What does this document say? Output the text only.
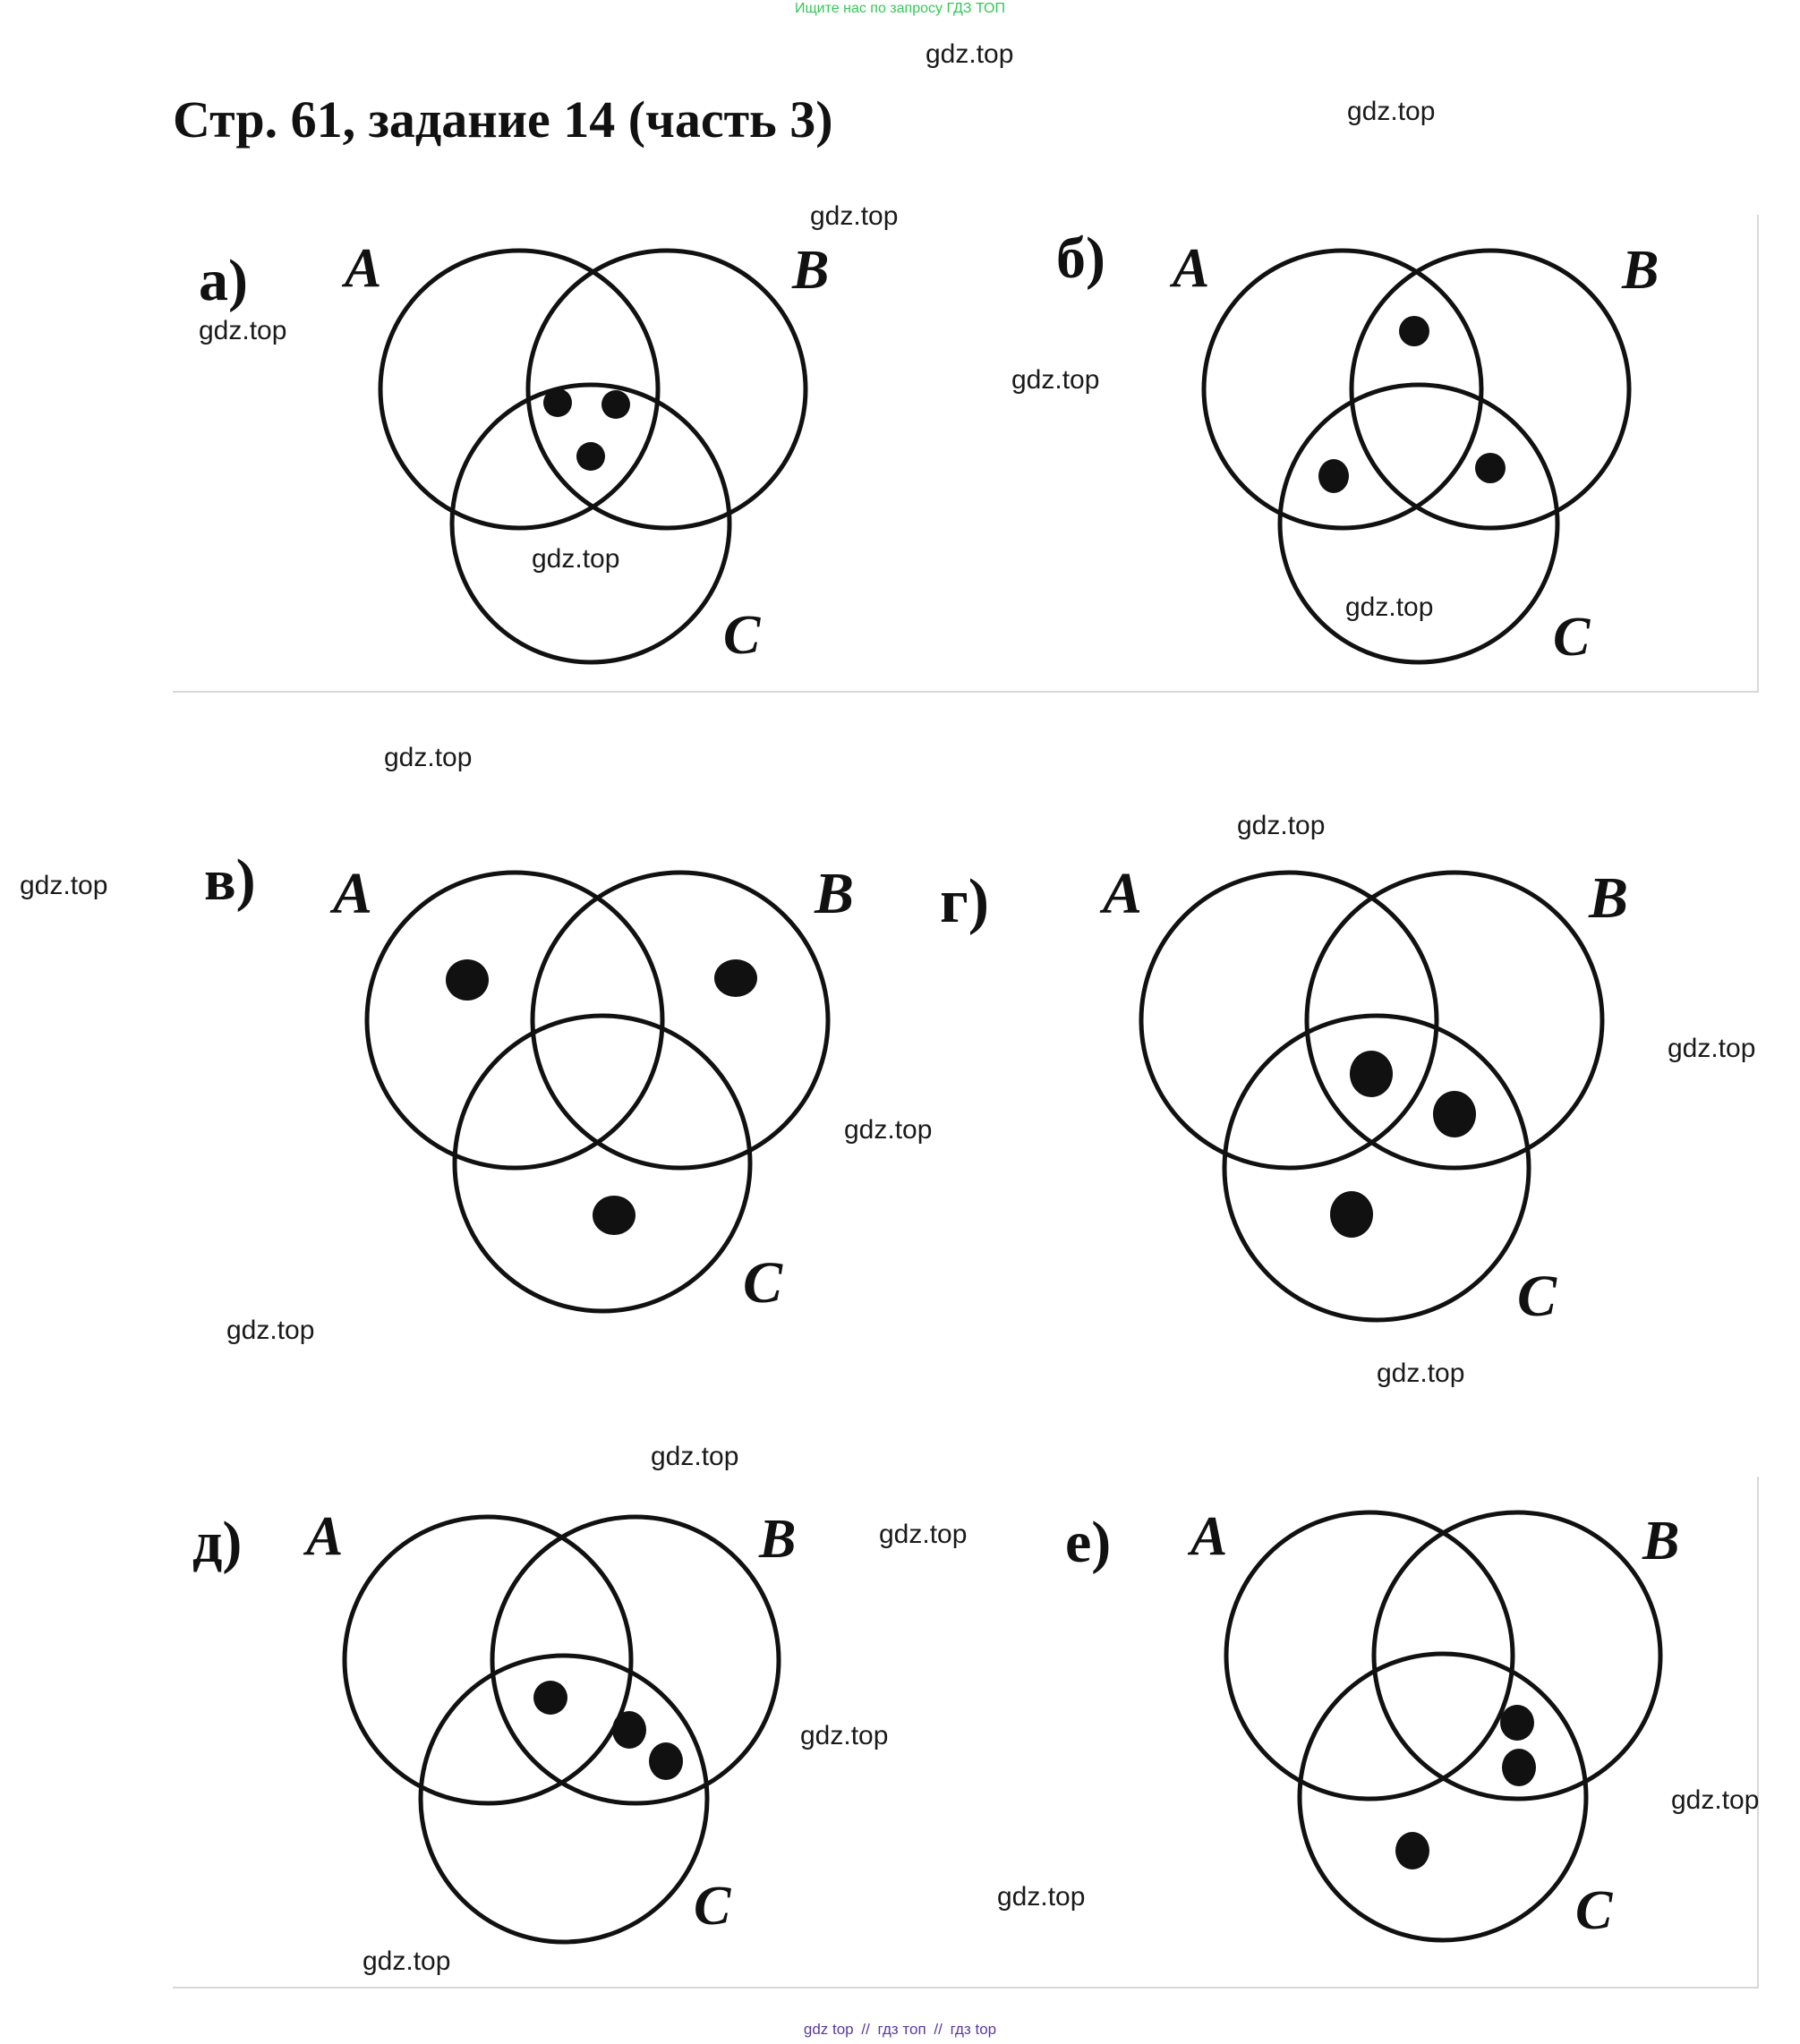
Ищите нас по запросу ГДЗ ТОП
Стр. 61, задание 14 (часть 3)
а) A	B
C
б) A	B
C
в) A	B
C
г) A	B
C
д) A	B
C
е) A	B
C
gdz.top
gdz.top
gdz.top
gdz.top
gdz.top
gdz.top
gdz.top
gdz.top
gdz.top
gdz.top
gdz.top
gdz.top
gdz.top
gdz.top
gdz.top
gdz.top
gdz.top
gdz.top
gdz.top
gdz.top
gdz top // гдз топ // гдз top
